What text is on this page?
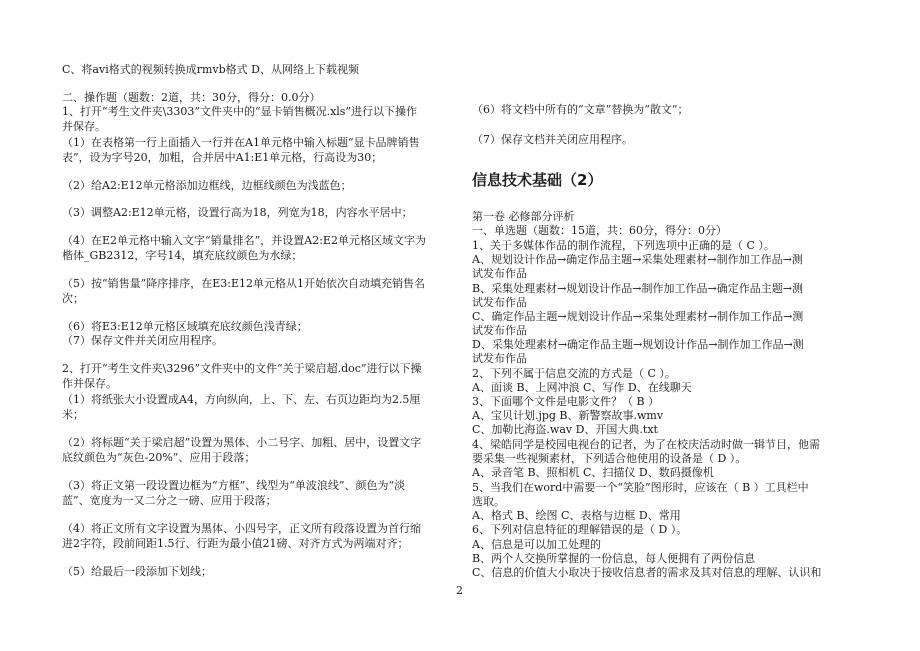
C、将avi格式的视频转换成rmvb格式 D、从网络上下载视频
二、操作题（题数：2道，共：30分，得分：0.0分）
1、打开“考生文件夹\3303”文件夹中的“显卡销售概况.xls”进行以下操作
并保存。
（1）在表格第一行上面插入一行并在A1单元格中输入标题“显卡品牌销售
表”，设为字号20，加粗，合并居中A1:E1单元格，行高设为30；
（2）给A2:E12单元格添加边框线，边框线颜色为浅蓝色；
（3）调整A2:E12单元格，设置行高为18，列宽为18，内容水平居中；
（4）在E2单元格中输入文字“销量排名”，并设置A2:E2单元格区域文字为
楷体_GB2312，字号14，填充底纹颜色为水绿；
（5）按“销售量”降序排序，在E3:E12单元格从1开始依次自动填充销售名
次；
（6）将E3:E12单元格区域填充底纹颜色浅青绿；
（7）保存文件并关闭应用程序。
2、打开“考生文件夹\3296”文件夹中的文件“关于梁启超.doc”进行以下操
作并保存。
（1）将纸张大小设置成A4，方向纵向，上、下、左、右页边距均为2.5厘
米；
（2）将标题“关于梁启超”设置为黑体、小二号字、加粗、居中，设置文字
底纹颜色为“灰色-20%”、应用于段落；
（3）将正文第一段设置边框为“方框”、线型为“单波浪线”、颜色为“淡
蓝”、宽度为一又二分之一磅、应用于段落；
（4）将正文所有文字设置为黑体、小四号字，正文所有段落设置为首行缩
进2字符，段前间距1.5行、行距为最小值21磅、对齐方式为两端对齐；
（5）给最后一段添加下划线；
（6）将文档中所有的“文章”替换为“散文”；
（7）保存文档并关闭应用程序。
信息技术基础（2）
第一卷 必修部分评析
一、单选题（题数：15道，共：60分，得分：0分）
1、关于多媒体作品的制作流程，下列选项中正确的是（ C ）。
A、规划设计作品→确定作品主题→采集处理素材→制作加工作品→测
试发布作品
B、采集处理素材→规划设计作品→制作加工作品→确定作品主题→测
试发布作品
C、确定作品主题→规划设计作品→采集处理素材→制作加工作品→测
试发布作品
D、采集处理素材→确定作品主题→规划设计作品→制作加工作品→测
试发布作品
2、下列不属于信息交流的方式是（ C ）。
A、面谈 B、上网冲浪 C、写作 D、在线聊天
3、下面哪个文件是电影文件？（ B ）
A、宝贝计划.jpg B、新警察故事.wmv
C、加勒比海盗.wav D、开国大典.txt
4、梁皓同学是校园电视台的记者，为了在校庆活动时做一辑节目，他需
要采集一些视频素材，下列适合他使用的设备是（ D ）。
A、录音笔 B、照相机 C、扫描仪 D、数码摄像机
5、当我们在word中需要一个“笑脸”图形时，应该在（ B ）工具栏中
选取。
A、格式 B、绘图 C、表格与边框 D、常用
6、下列对信息特征的理解错误的是（ D ）。
A、信息是可以加工处理的
B、两个人交换所掌握的一份信息，每人便拥有了两份信息
C、信息的价值大小取决于接收信息者的需求及其对信息的理解、认识和
2
